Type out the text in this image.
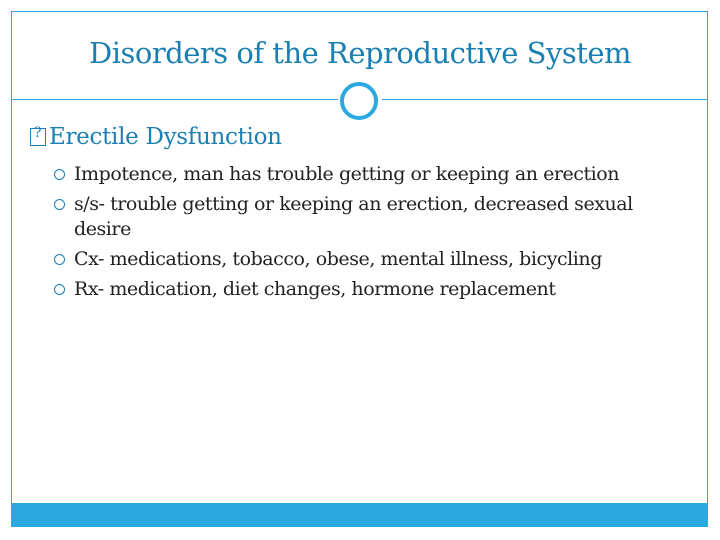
Disorders of the Reproductive System
?Erectile Dysfunction
Impotence, man has trouble getting or keeping an erection
s/s- trouble getting or keeping an erection, decreased sexual desire
Cx- medications, tobacco, obese, mental illness, bicycling
Rx- medication, diet changes, hormone replacement
